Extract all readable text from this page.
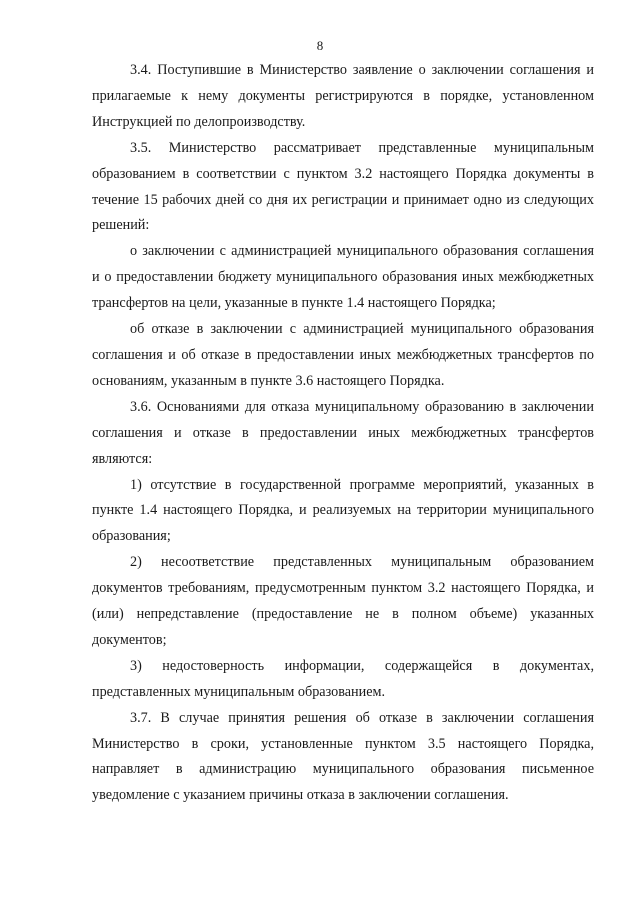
8

3.4. Поступившие в Министерство заявление о заключении соглашения и прилагаемые к нему документы регистрируются в порядке, установленном Инструкцией по делопроизводству.

3.5. Министерство рассматривает представленные муниципальным образованием в соответствии с пунктом 3.2 настоящего Порядка документы в течение 15 рабочих дней со дня их регистрации и принимает одно из следующих решений:

о заключении с администрацией муниципального образования соглашения и о предоставлении бюджету муниципального образования иных межбюджетных трансфертов на цели, указанные в пункте 1.4 настоящего Порядка;

об отказе в заключении с администрацией муниципального образования соглашения и об отказе в предоставлении иных межбюджетных трансфертов по основаниям, указанным в пункте 3.6 настоящего Порядка.

3.6. Основаниями для отказа муниципальному образованию в заключении соглашения и отказе в предоставлении иных межбюджетных трансфертов являются:

1) отсутствие в государственной программе мероприятий, указанных в пункте 1.4 настоящего Порядка, и реализуемых на территории муниципального образования;

2) несоответствие представленных муниципальным образованием документов требованиям, предусмотренным пунктом 3.2 настоящего Порядка, и (или) непредставление (предоставление не в полном объеме) указанных документов;

3) недостоверность информации, содержащейся в документах, представленных муниципальным образованием.

3.7. В случае принятия решения об отказе в заключении соглашения Министерство в сроки, установленные пунктом 3.5 настоящего Порядка, направляет в администрацию муниципального образования письменное уведомление с указанием причины отказа в заключении соглашения.
